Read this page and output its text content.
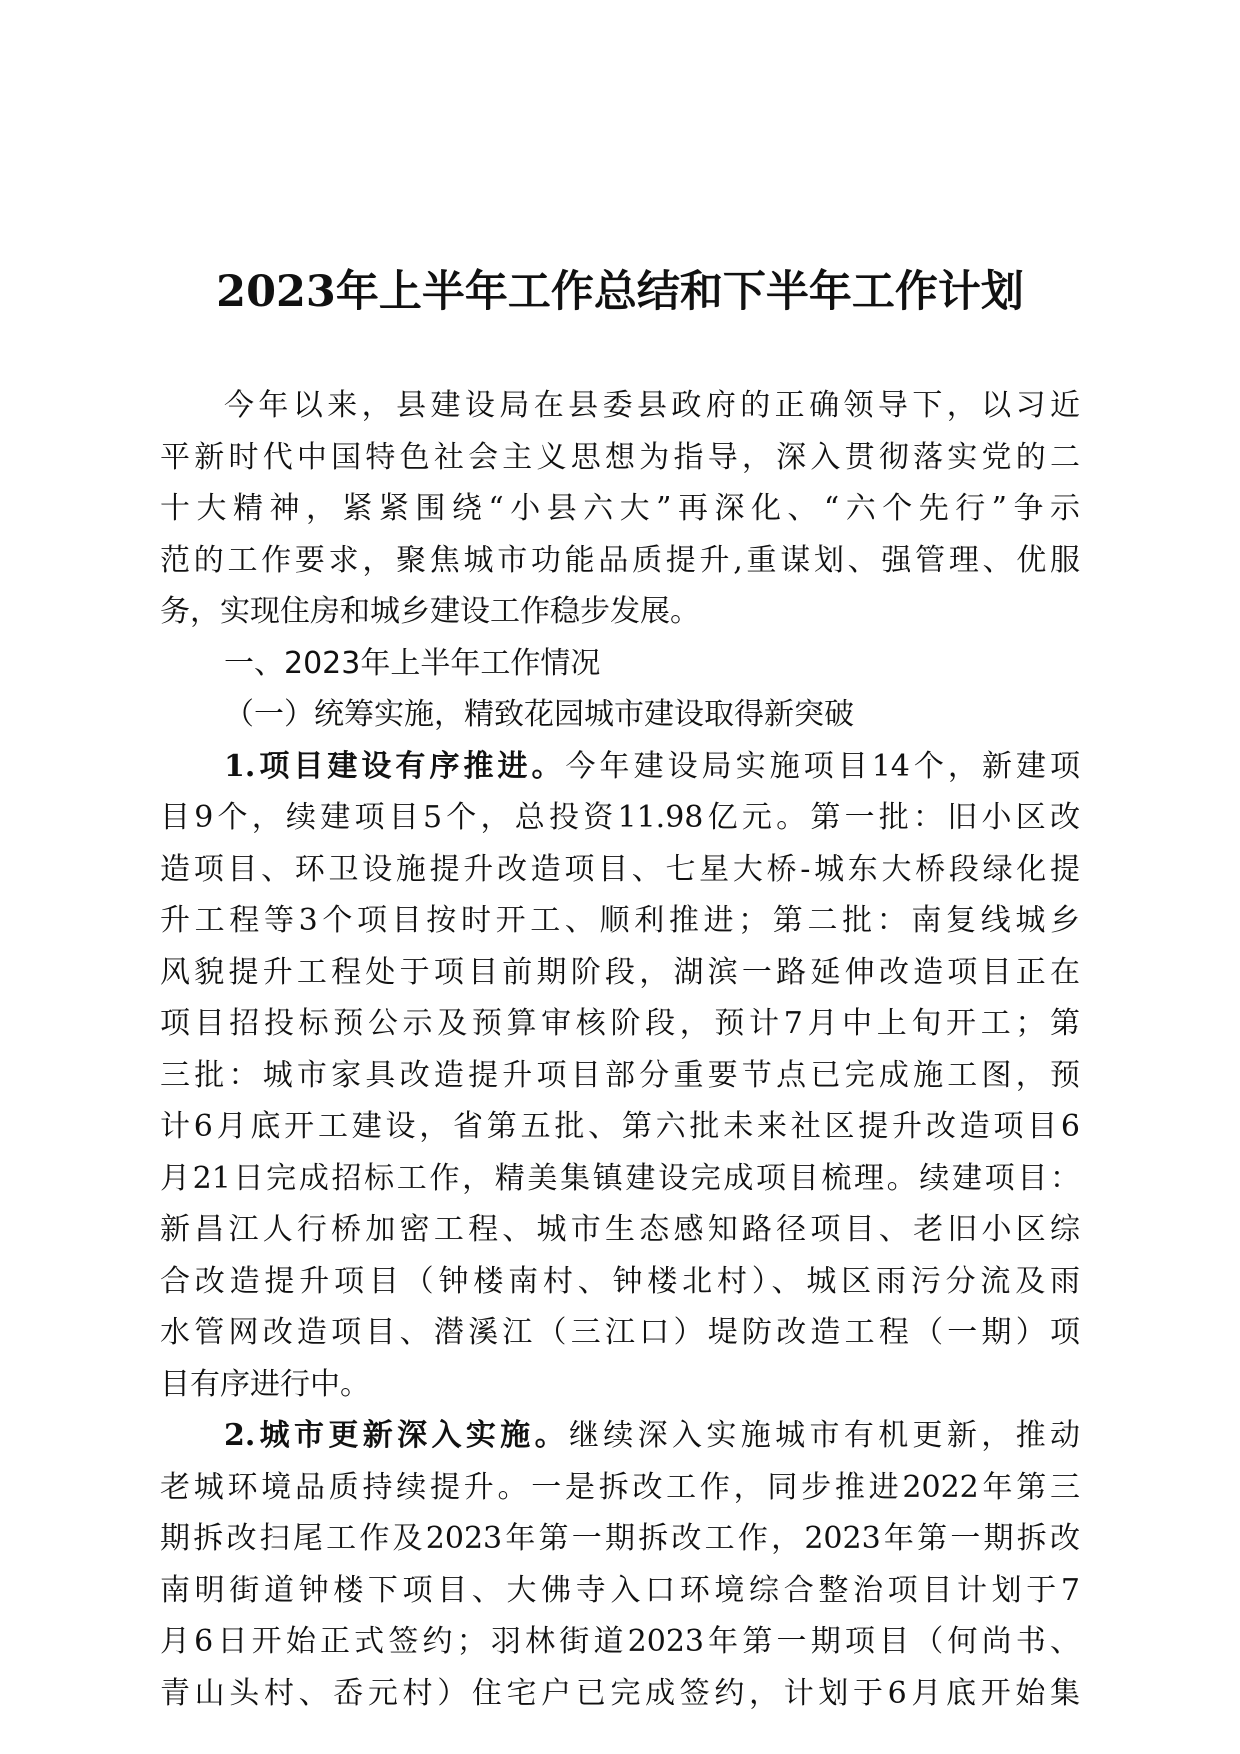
2023年上半年工作总结和下半年工作计划
今年以来，县建设局在县委县政府的正确领导下，以习近
平新时代中国特色社会主义思想为指导，深入贯彻落实党的二
十大精神，紧紧围绕“小县六大”再深化、“六个先行”争示
范的工作要求，聚焦城市功能品质提升,重谋划、强管理、优服
务，实现住房和城乡建设工作稳步发展。
一、2023年上半年工作情况
（一）统筹实施，精致花园城市建设取得新突破
1.项目建设有序推进。今年建设局实施项目14个，新建项
目9个，续建项目5个，总投资11.98亿元。第一批：旧小区改
造项目、环卫设施提升改造项目、七星大桥-城东大桥段绿化提
升工程等3个项目按时开工、顺利推进；第二批：南复线城乡
风貌提升工程处于项目前期阶段，湖滨一路延伸改造项目正在
项目招投标预公示及预算审核阶段，预计7月中上旬开工；第
三批：城市家具改造提升项目部分重要节点已完成施工图，预
计6月底开工建设，省第五批、第六批未来社区提升改造项目6
月21日完成招标工作，精美集镇建设完成项目梳理。续建项目：
新昌江人行桥加密工程、城市生态感知路径项目、老旧小区综
合改造提升项目（钟楼南村、钟楼北村）、城区雨污分流及雨
水管网改造项目、潜溪江（三江口）堤防改造工程（一期）项
目有序进行中。
2.城市更新深入实施。继续深入实施城市有机更新，推动
老城环境品质持续提升。一是拆改工作，同步推进2022年第三
期拆改扫尾工作及2023年第一期拆改工作，2023年第一期拆改
南明街道钟楼下项目、大佛寺入口环境综合整治项目计划于7
月6日开始正式签约；羽林街道2023年第一期项目（何尚书、
青山头村、岙元村）住宅户已完成签约，计划于6月底开始集
